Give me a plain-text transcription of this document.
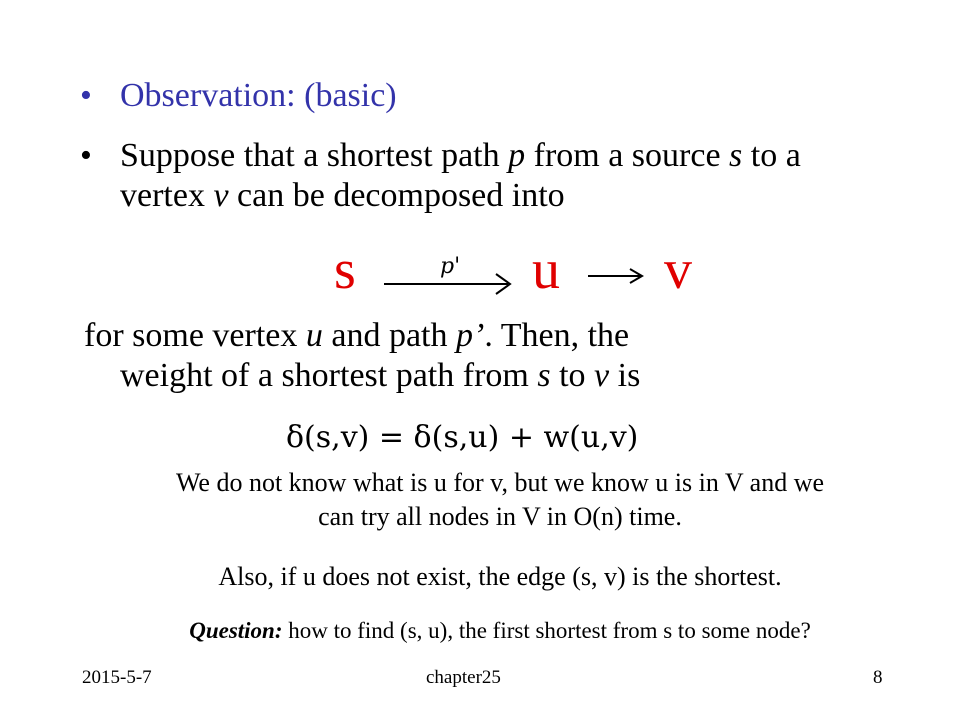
• Observation: (basic)
• Suppose that a shortest path p from a source s to a
vertex v can be decomposed into
s	p' u v
for some vertex u and path p’. Then, the
weight of a shortest path from s to v is
δ(s,v) = δ(s,u) + w(u,v)
We do not know what is u for v, but we know u is in V and we
can try all nodes in V in O(n) time.
Also, if u does not exist, the edge (s, v) is the shortest.
Question: how to find (s, u), the first shortest from s to some node?
2015-5-7	chapter25	8
